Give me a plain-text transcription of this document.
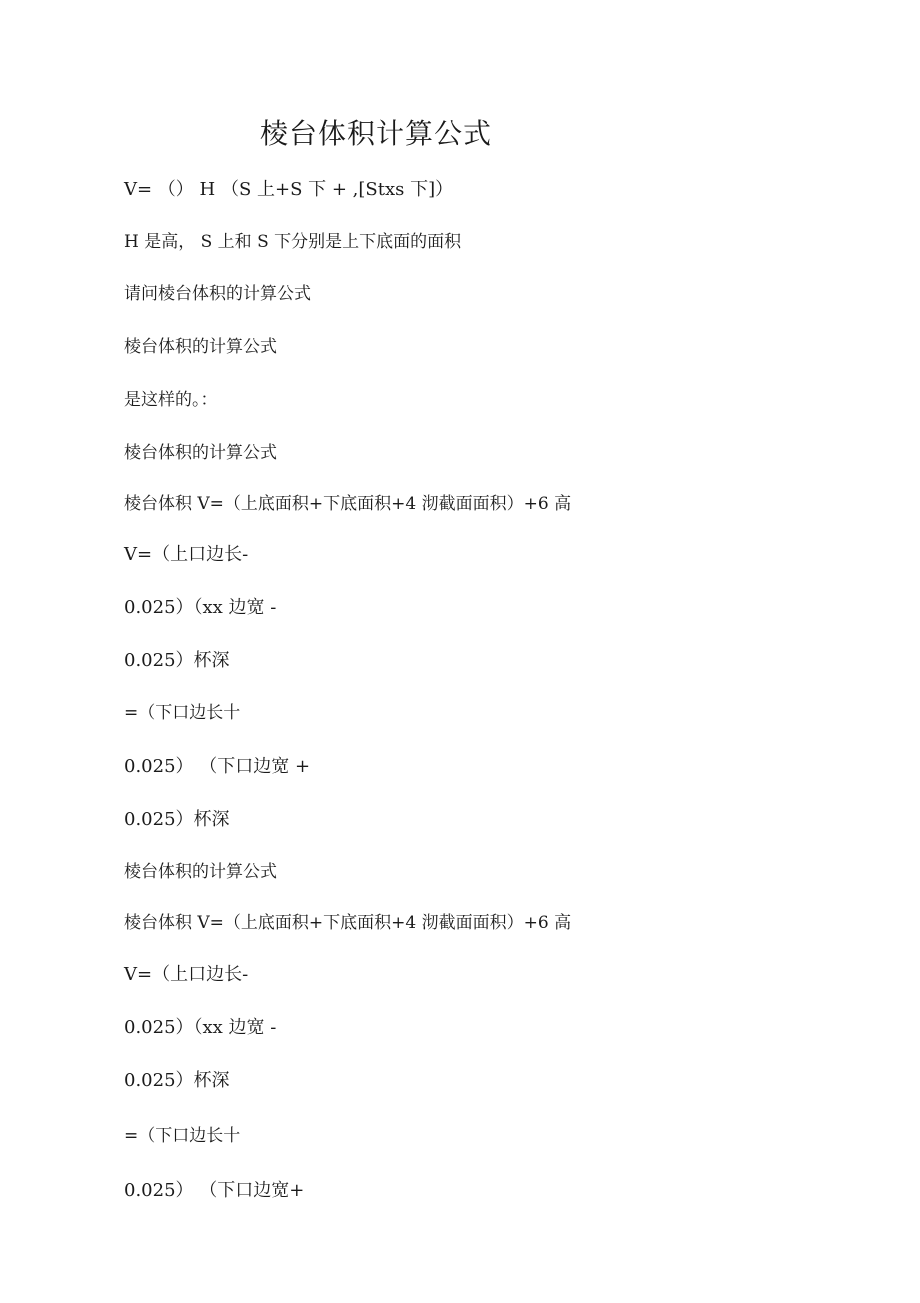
棱台体积计算公式
V= （） H （S 上+S 下 + ,[Stxs 下]）
H 是高， S 上和 S 下分别是上下底面的面积
请问棱台体积的计算公式
棱台体积的计算公式
是这样的。：
棱台体积的计算公式
棱台体积 V=（上底面积+下底面积+4 沏截面面积）+6 高
V=（上口边长-
0.025）（xx 边宽 -
0.025）杯深
=（下口边长十
0.025） （下口边宽 +
0.025）杯深
棱台体积的计算公式
棱台体积 V=（上底面积+下底面积+4 沏截面面积）+6 高
V=（上口边长-
0.025）（xx 边宽 -
0.025）杯深
=（下口边长十
0.025） （下口边宽+
